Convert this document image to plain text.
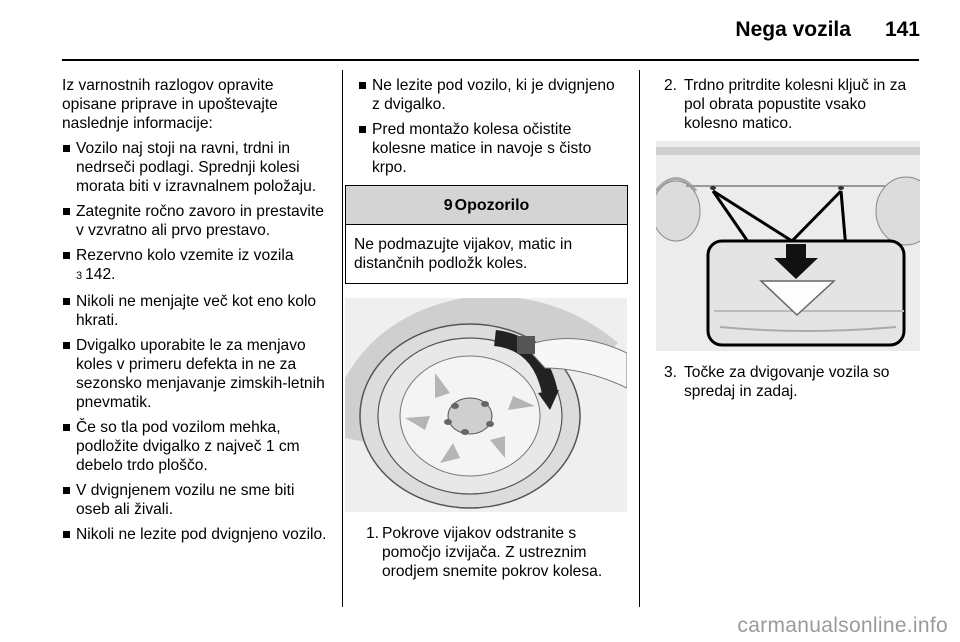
Nega vozila 141

Iz varnostnih razlogov opravite opisane priprave in upoštevajte naslednje informacije:

Vozilo naj stoji na ravni, trdni in nedrseči podlagi. Sprednji kolesi morata biti v izravnalnem položaju.
Zategnite ročno zavoro in prestavite v vzvratno ali prvo prestavo.
Rezervno kolo vzemite iz vozila
3 142.
Nikoli ne menjajte več kot eno kolo hkrati.
Dvigalko uporabite le za menjavo koles v primeru defekta in ne za sezonsko menjavanje zimskih-letnih pnevmatik.
Če so tla pod vozilom mehka, podložite dvigalko z največ 1 cm debelo trdo ploščo.
V dvignjenem vozilu ne sme biti oseb ali živali.
Nikoli ne lezite pod dvignjeno vozilo.
Ne lezite pod vozilo, ki je dvignjeno z dvigalko.
Pred montažo kolesa očistite kolesne matice in navoje s čisto krpo.
9 Opozorilo
Ne podmazujte vijakov, matic in distančnih podložk koles.
1. Pokrove vijakov odstranite s pomočjo izvijača. Z ustreznim orodjem snemite pokrov kolesa.
2. Trdno pritrdite kolesni ključ in za pol obrata popustite vsako kolesno matico.
3. Točke za dvigovanje vozila so spredaj in zadaj.
carmanualsonline.info
